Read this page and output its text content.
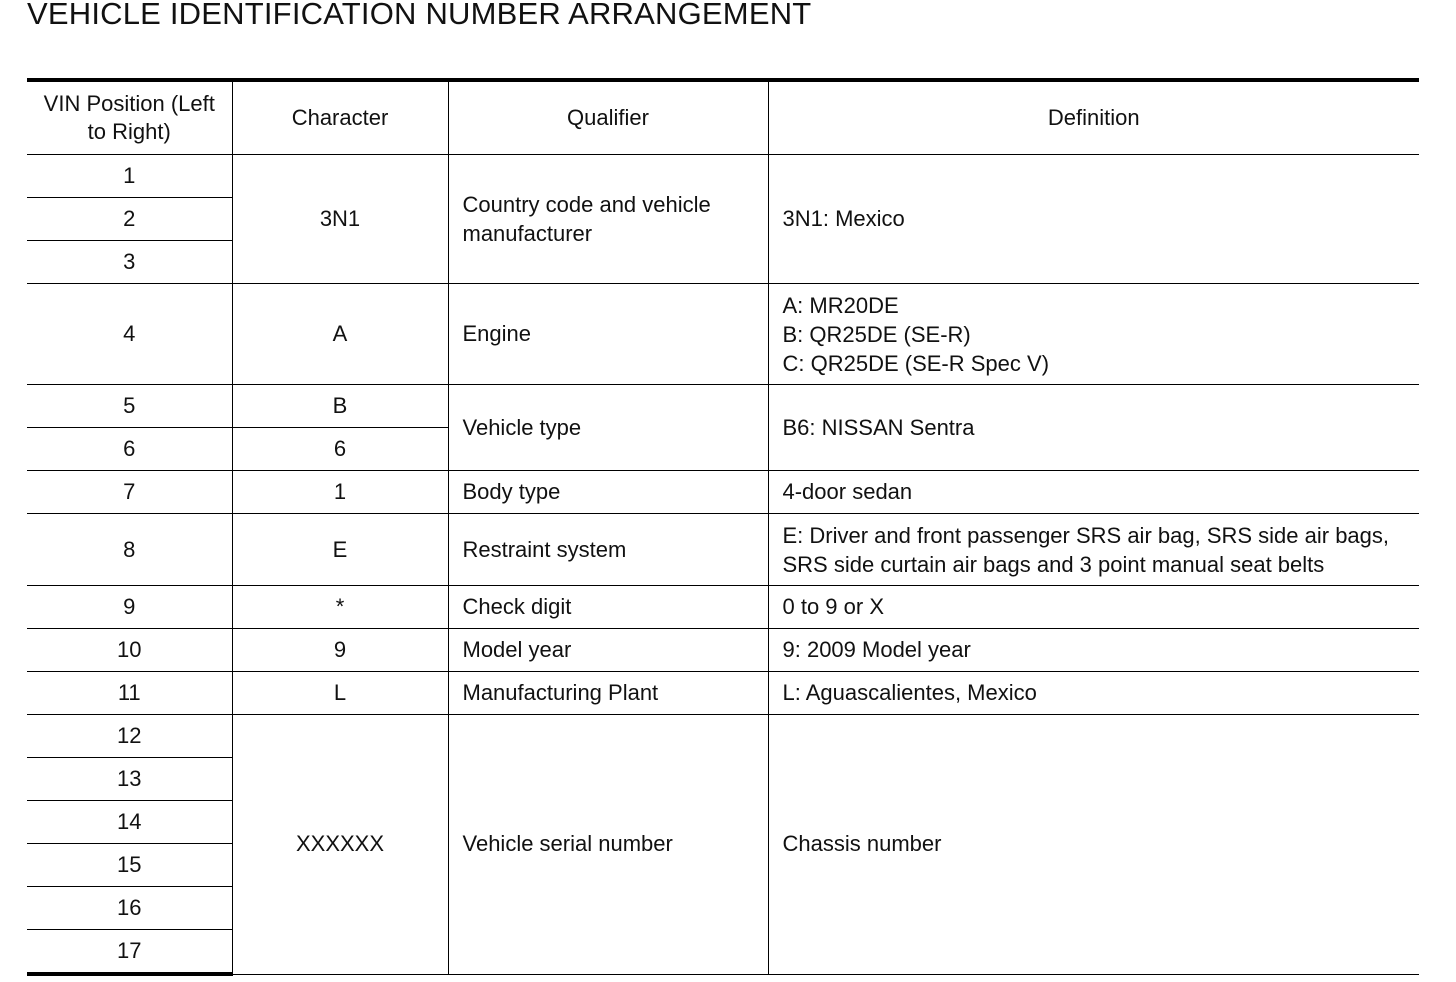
VEHICLE IDENTIFICATION NUMBER ARRANGEMENT
VIN Position (Left to Right)	Character	Qualifier	Definition
1	3N1	Country code and vehicle manufacturer	3N1: Mexico
2			
3			
4	A	Engine	A: MR20DE
B: QR25DE (SE-R)
C: QR25DE (SE-R Spec V)

5	B	Vehicle type	B6: NISSAN Sentra
6	6		
7	1	Body type	4-door sedan
8	E	Restraint system	E: Driver and front passenger SRS air bag, SRS side air bags, SRS side curtain air bags and 3 point manual seat belts
9	*	Check digit	0 to 9 or X
10	9	Model year	9: 2009 Model year
11	L	Manufacturing Plant	L: Aguascalientes, Mexico
12	XXXXXX	Vehicle serial number	Chassis number
13			
14			
15			
16			
17			
